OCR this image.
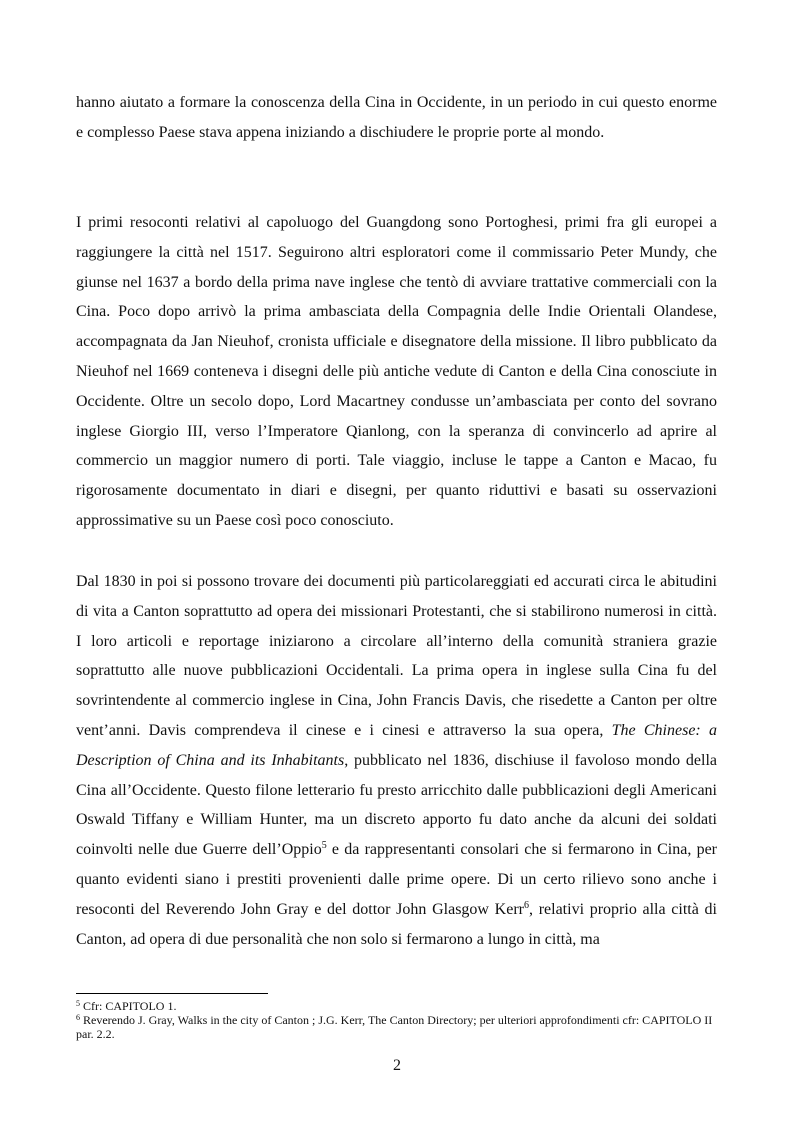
hanno aiutato a formare la conoscenza della Cina in Occidente, in un periodo in cui questo enorme e complesso Paese stava appena iniziando a dischiudere le proprie porte al mondo.

I primi resoconti relativi al capoluogo del Guangdong sono Portoghesi, primi fra gli europei a raggiungere la città nel 1517. Seguirono altri esploratori come il commissario Peter Mundy, che giunse nel 1637 a bordo della prima nave inglese che tentò di avviare trattative commerciali con la Cina. Poco dopo arrivò la prima ambasciata della Compagnia delle Indie Orientali Olandese, accompagnata da Jan Nieuhof, cronista ufficiale e disegnatore della missione. Il libro pubblicato da Nieuhof nel 1669 conteneva i disegni delle più antiche vedute di Canton e della Cina conosciute in Occidente. Oltre un secolo dopo, Lord Macartney condusse un’ambasciata per conto del sovrano inglese Giorgio III, verso l’Imperatore Qianlong, con la speranza di convincerlo ad aprire al commercio un maggior numero di porti. Tale viaggio, incluse le tappe a Canton e Macao, fu rigorosamente documentato in diari e disegni, per quanto riduttivi e basati su osservazioni approssimative su un Paese così poco conosciuto.

Dal 1830 in poi si possono trovare dei documenti più particolareggiati ed accurati circa le abitudini di vita a Canton soprattutto ad opera dei missionari Protestanti, che si stabilirono numerosi in città. I loro articoli e reportage iniziarono a circolare all’interno della comunità straniera grazie soprattutto alle nuove pubblicazioni Occidentali. La prima opera in inglese sulla Cina fu del sovrintendente al commercio inglese in Cina, John Francis Davis, che risedette a Canton per oltre vent’anni. Davis comprendeva il cinese e i cinesi e attraverso la sua opera, The Chinese: a Description of China and its Inhabitants, pubblicato nel 1836, dischiuse il favoloso mondo della Cina all’Occidente. Questo filone letterario fu presto arricchito dalle pubblicazioni degli Americani Oswald Tiffany e William Hunter, ma un discreto apporto fu dato anche da alcuni dei soldati coinvolti nelle due Guerre dell’Oppio$^5$ e da rappresentanti consolari che si fermarono in Cina, per quanto evidenti siano i prestiti provenienti dalle prime opere. Di un certo rilievo sono anche i resoconti del Reverendo John Gray e del dottor John Glasgow Kerr$^6$, relativi proprio alla città di Canton, ad opera di due personalità che non solo si fermarono a lungo in città, ma

$^5$ Cfr: CAPITOLO 1.

$^6$ Reverendo J. Gray, Walks in the city of Canton ; J.G. Kerr, The Canton Directory; per ulteriori approfondimenti cfr: CAPITOLO II par. 2.2.

2
